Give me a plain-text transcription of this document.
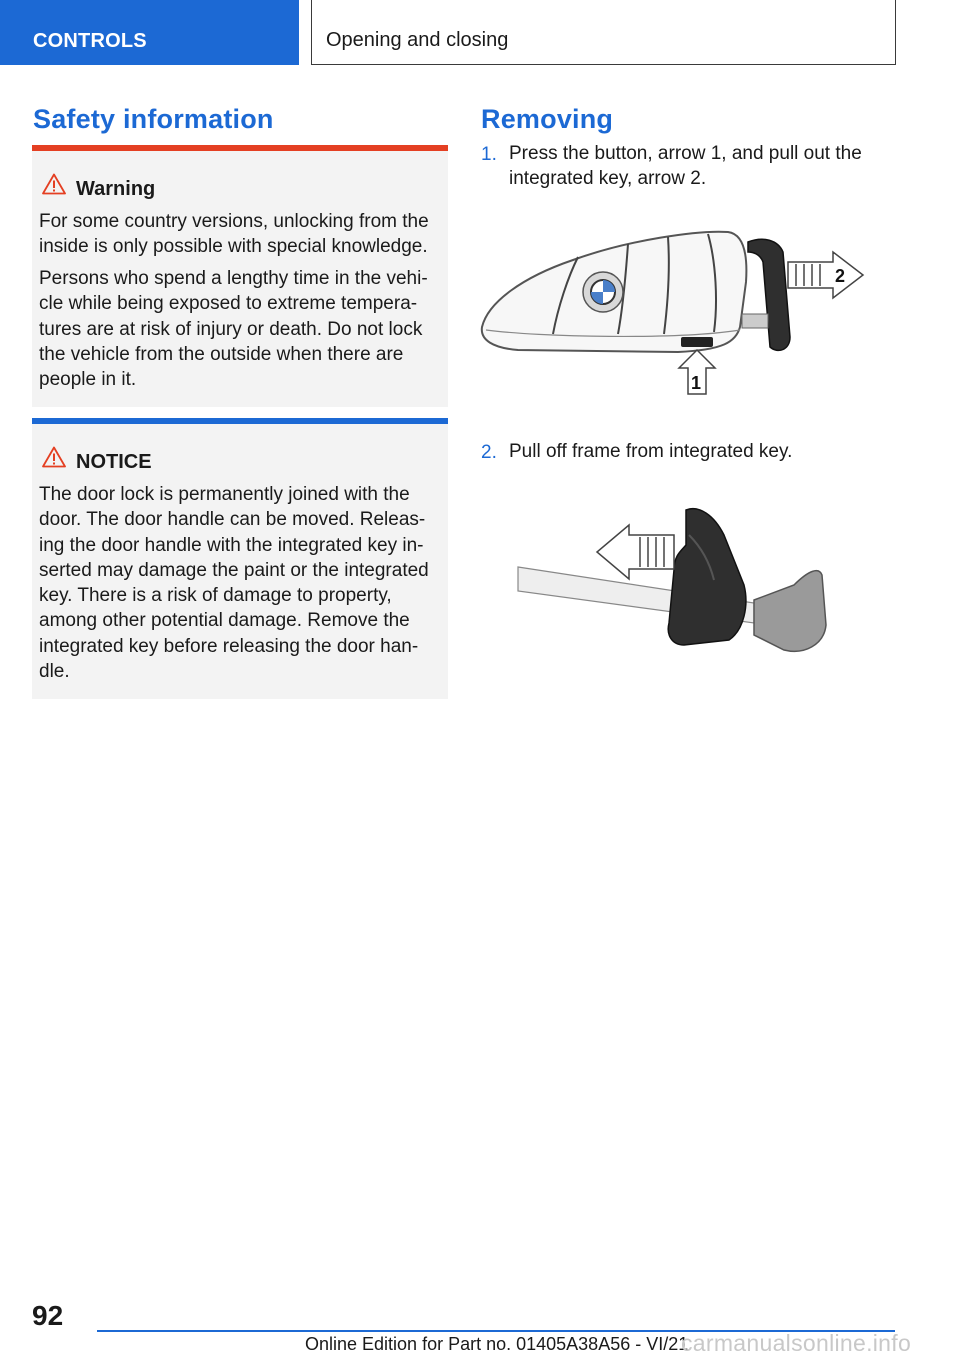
CONTROLS	Opening and closing
Safety information
Warning

For some country versions, unlocking from the inside is only possible with special knowledge.

Persons who spend a lengthy time in the vehi-cle while being exposed to extreme tempera-tures are at risk of injury or death. Do not lock the vehicle from the outside when there are people in it.

NOTICE

The door lock is permanently joined with the door. The door handle can be moved. Releas-ing the door handle with the integrated key in-serted may damage the paint or the integrated key. There is a risk of damage to property, among other potential damage. Remove the integrated key before releasing the door han-dle.

Removing
1. Press the button, arrow 1, and pull out the integrated key, arrow 2.
2
1
2. Pull off frame from integrated key.
92
Online Edition for Part no. 01405A38A56 - VI/21
carmanualsonline.info
